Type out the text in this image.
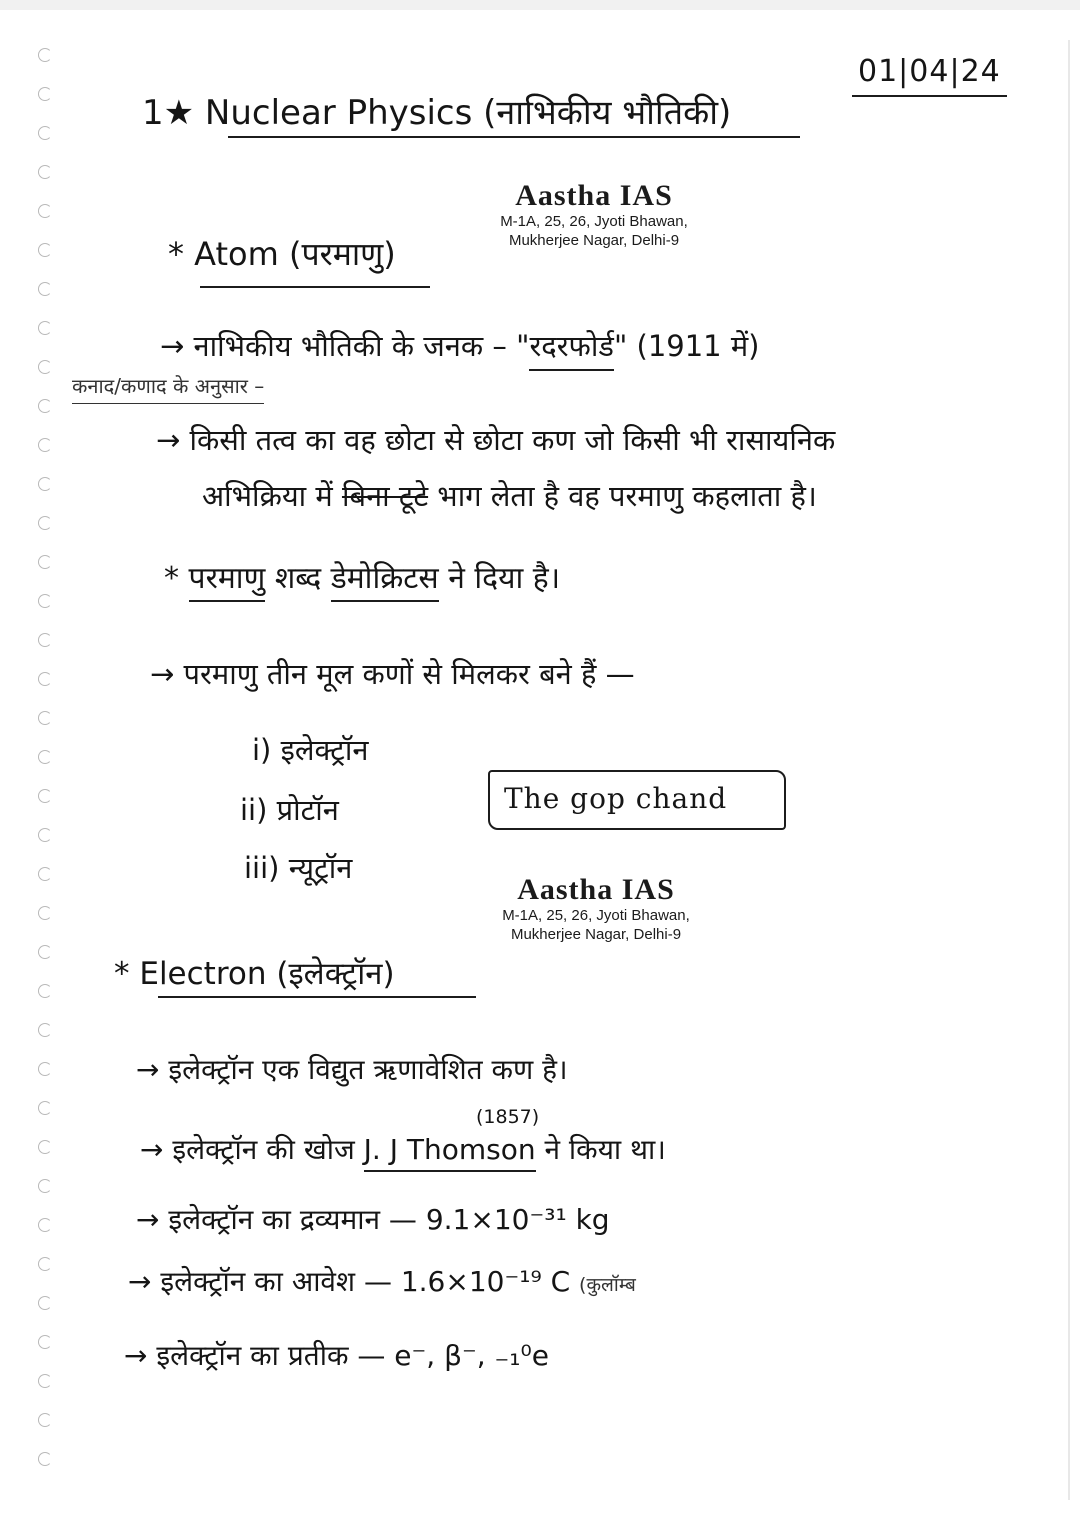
01|04|24
1★ Nuclear Physics (नाभिकीय भौतिकी)
Aastha IAS
M-1A, 25, 26, Jyoti Bhawan,
Mukherjee Nagar, Delhi-9
* Atom (परमाणु)
→ नाभिकीय भौतिकी के जनक – "रदरफोर्ड" (1911 में)
कनाद/कणाद के अनुसार –
→ किसी तत्व का वह छोटा से छोटा कण जो किसी भी रासायनिक
अभिक्रिया में बिना टूटे भाग लेता है वह परमाणु कहलाता है।
* परमाणु शब्द डेमोक्रिटस ने दिया है।
→ परमाणु तीन मूल कणों से मिलकर बने हैं —
i) इलेक्ट्रॉन
ii) प्रोटॉन
iii) न्यूट्रॉन
The gop chand
Aastha IAS
M-1A, 25, 26, Jyoti Bhawan,
Mukherjee Nagar, Delhi-9
* Electron (इलेक्ट्रॉन)
→ इलेक्ट्रॉन एक विद्युत ऋणावेशित कण है।
(1857)
→ इलेक्ट्रॉन की खोज J. J Thomson ने किया था।
→ इलेक्ट्रॉन का द्रव्यमान — 9.1×10⁻³¹ kg
→ इलेक्ट्रॉन का आवेश — 1.6×10⁻¹⁹ C (कुलॉम्ब
→ इलेक्ट्रॉन का प्रतीक — e⁻, β⁻, ₋₁⁰e
